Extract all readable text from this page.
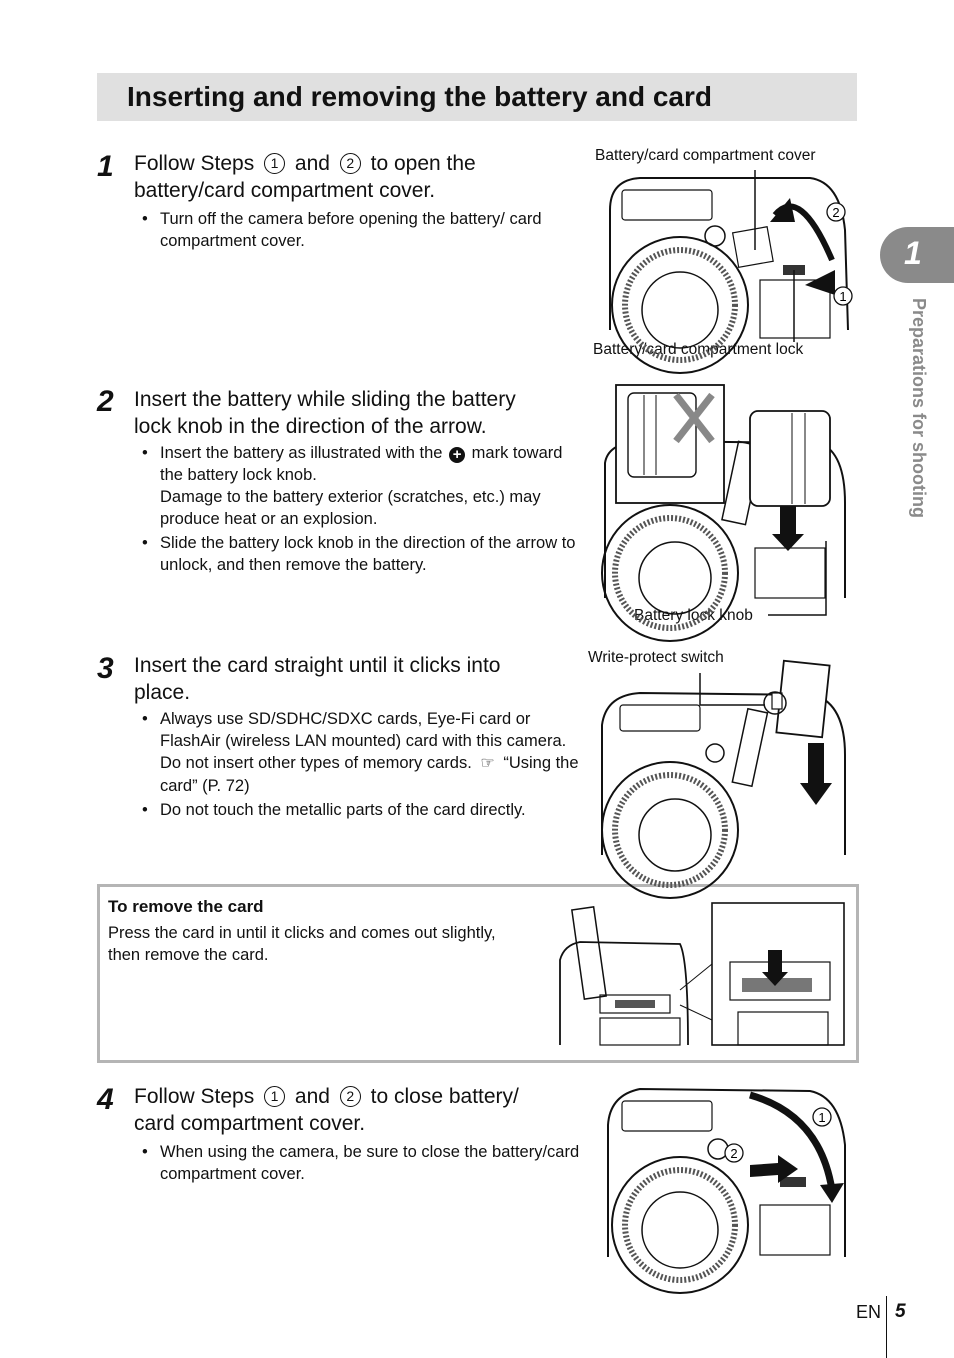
Inserting and removing the battery and card
1
Preparations for shooting
1 Follow Steps 1 and 2 to open the
battery/card compartment cover.
• Turn off the camera before opening the battery/ card compartment cover.
2 Insert the battery while sliding the battery
lock knob in the direction of the arrow.
• Insert the battery as illustrated with the + mark toward the battery lock knob.
Damage to the battery exterior (scratches, etc.) may produce heat or an explosion.
• Slide the battery lock knob in the direction of the arrow to unlock, and then remove the battery.
3 Insert the card straight until it clicks into
place.
• Always use SD/SDHC/SDXC cards, Eye-Fi card or FlashAir (wireless LAN mounted) card with this camera. Do not insert other types of memory cards. ☞ “Using the card” (P. 72)
• Do not touch the metallic parts of the card directly.
To remove the card
Press the card in until it clicks and comes out slightly, then remove the card.
4 Follow Steps 1 and 2 to close battery/
card compartment cover.
• When using the camera, be sure to close the battery/card compartment cover.
Battery/card compartment cover
Battery/card compartment lock
Battery lock knob
Write-protect switch
2
1
1
2
EN 5
